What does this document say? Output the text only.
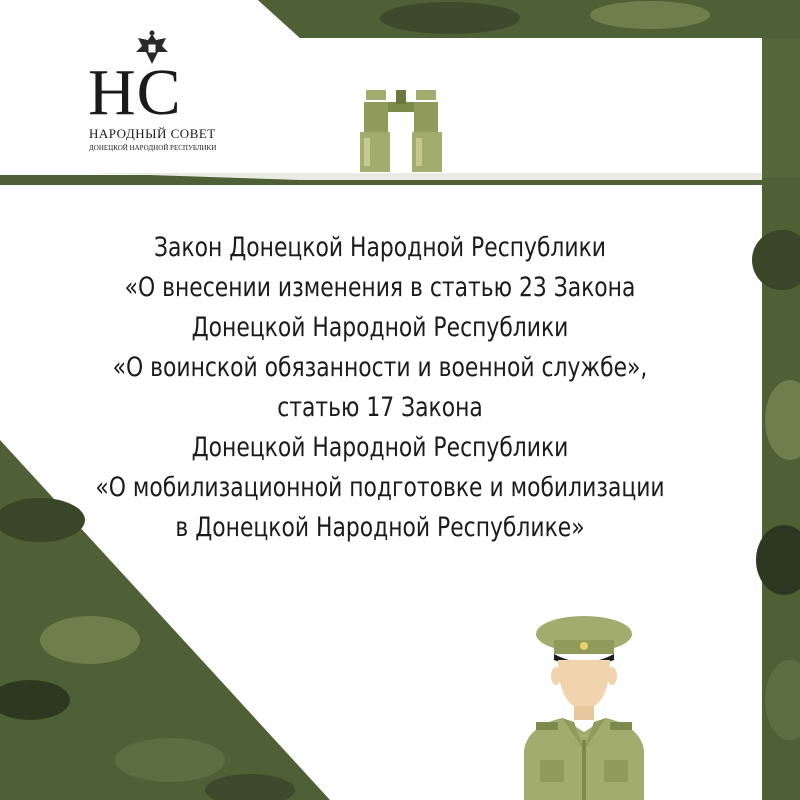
НС
НАРОДНЫЙ СОВЕТ
ДОНЕЦКОЙ НАРОДНОЙ РЕСПУБЛИКИ
Закон Донецкой Народной Республики
«О внесении изменения в статью 23 Закона
Донецкой Народной Республики
«О воинской обязанности и военной службе»,
статью 17 Закона
Донецкой Народной Республики
«О мобилизационной подготовке и мобилизации
в Донецкой Народной Республике»
